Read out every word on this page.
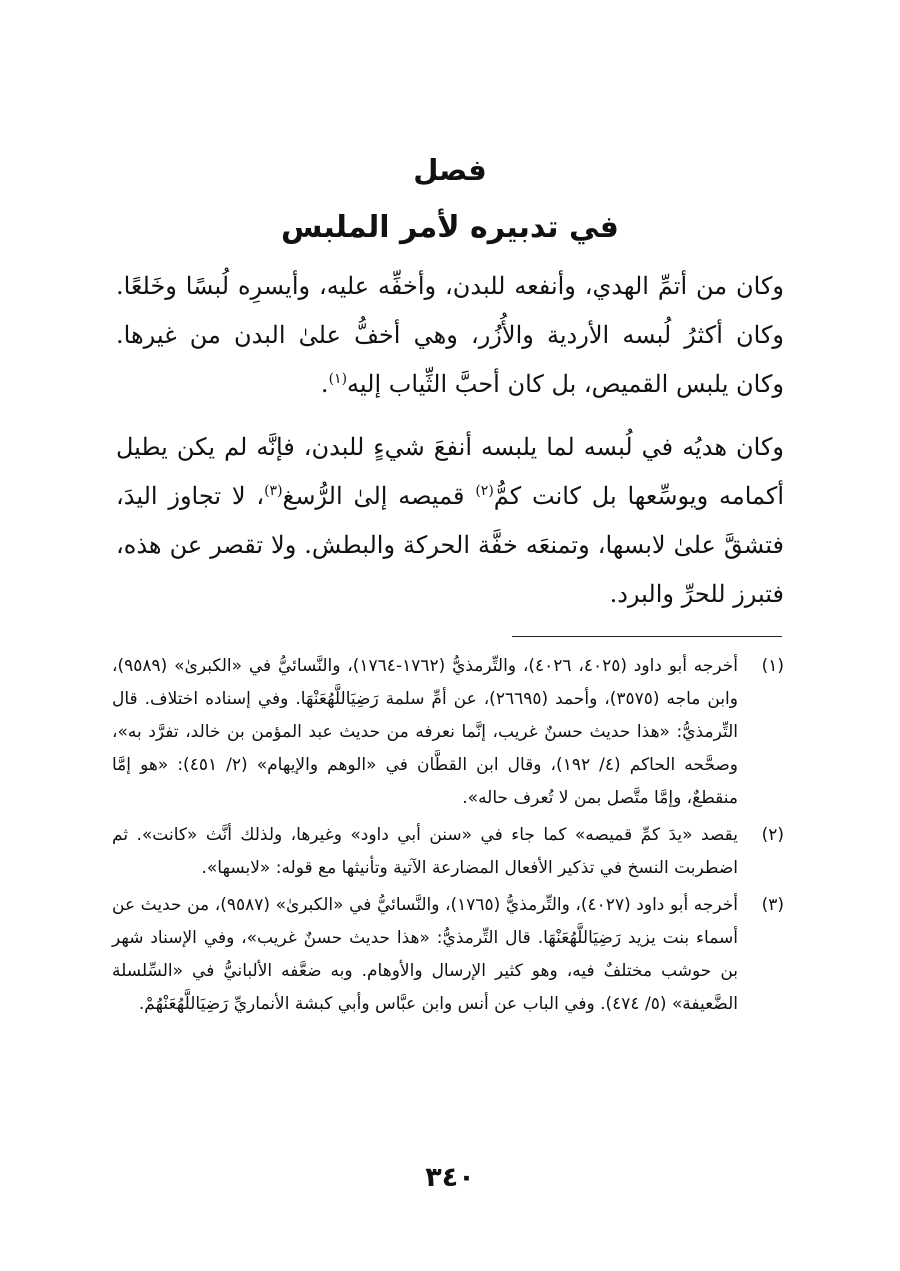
فصل
في تدبيره لأمر الملبس

وكان من أتمِّ الهدي، وأنفعه للبدن، وأخفِّه عليه، وأيسرِه لُبسًا وخَلعًا. وكان أكثرُ لُبسه الأردية والأُزُر، وهي أخفُّ علىٰ البدن من غيرها. وكان يلبس القميص، بل كان أحبَّ الثِّياب إليه$^{(١)}$.

وكان هديُه في لُبسه لما يلبسه أنفعَ شيءٍ للبدن، فإنَّه لم يكن يطيل أكمامه ويوسِّعها بل كانت كمُّ$^{(٢)}$ قميصه إلىٰ الرُّسغ$^{(٣)}$، لا تجاوز اليدَ، فتشقَّ علىٰ لابسها، وتمنعَه خفَّة الحركة والبطش. ولا تقصر عن هذه، فتبرز للحرِّ والبرد.

(١)
أخرجه أبو داود (٤٠٢٥، ٤٠٢٦)، والتِّرمذيُّ (١٧٦٢-١٧٦٤)، والنَّسائيُّ في «الكبرىٰ» (٩٥٨٩)، وابن ماجه (٣٥٧٥)، وأحمد (٢٦٦٩٥)، عن أمِّ سلمة رَضِيَاللَّهُعَنْهَا. وفي إسناده اختلاف. قال التِّرمذيُّ: «هذا حديث حسنٌ غريب، إنَّما نعرفه من حديث عبد المؤمن بن خالد، تفرَّد به»، وصحَّحه الحاكم (٤/ ١٩٢)، وقال ابن القطَّان في «الوهم والإيهام» (٢/ ٤٥١): «هو إمَّا منقطعٌ، وإمَّا متَّصل بمن لا تُعرف حاله».
(٢)
يقصد «يدَ كمِّ قميصه» كما جاء في «سنن أبي داود» وغيرها، ولذلك أنَّث «كانت». ثم اضطربت النسخ في تذكير الأفعال المضارعة الآتية وتأنيثها مع قوله: «لابسها».
(٣)
أخرجه أبو داود (٤٠٢٧)، والتِّرمذيُّ (١٧٦٥)، والنَّسائيُّ في «الكبرىٰ» (٩٥٨٧)، من حديث عن أسماء بنت يزيد رَضِيَاللَّهُعَنْهَا. قال التِّرمذيُّ: «هذا حديث حسنٌ غريب»، وفي الإسناد شهر بن حوشب مختلفٌ فيه، وهو كثير الإرسال والأوهام. وبه ضعَّفه الألبانيُّ في «السِّلسلة الضَّعيفة» (٥/ ٤٧٤). وفي الباب عن أنس وابن عبَّاس وأبي كبشة الأنماريِّ رَضِيَاللَّهُعَنْهُمْ.
٣٤٠
